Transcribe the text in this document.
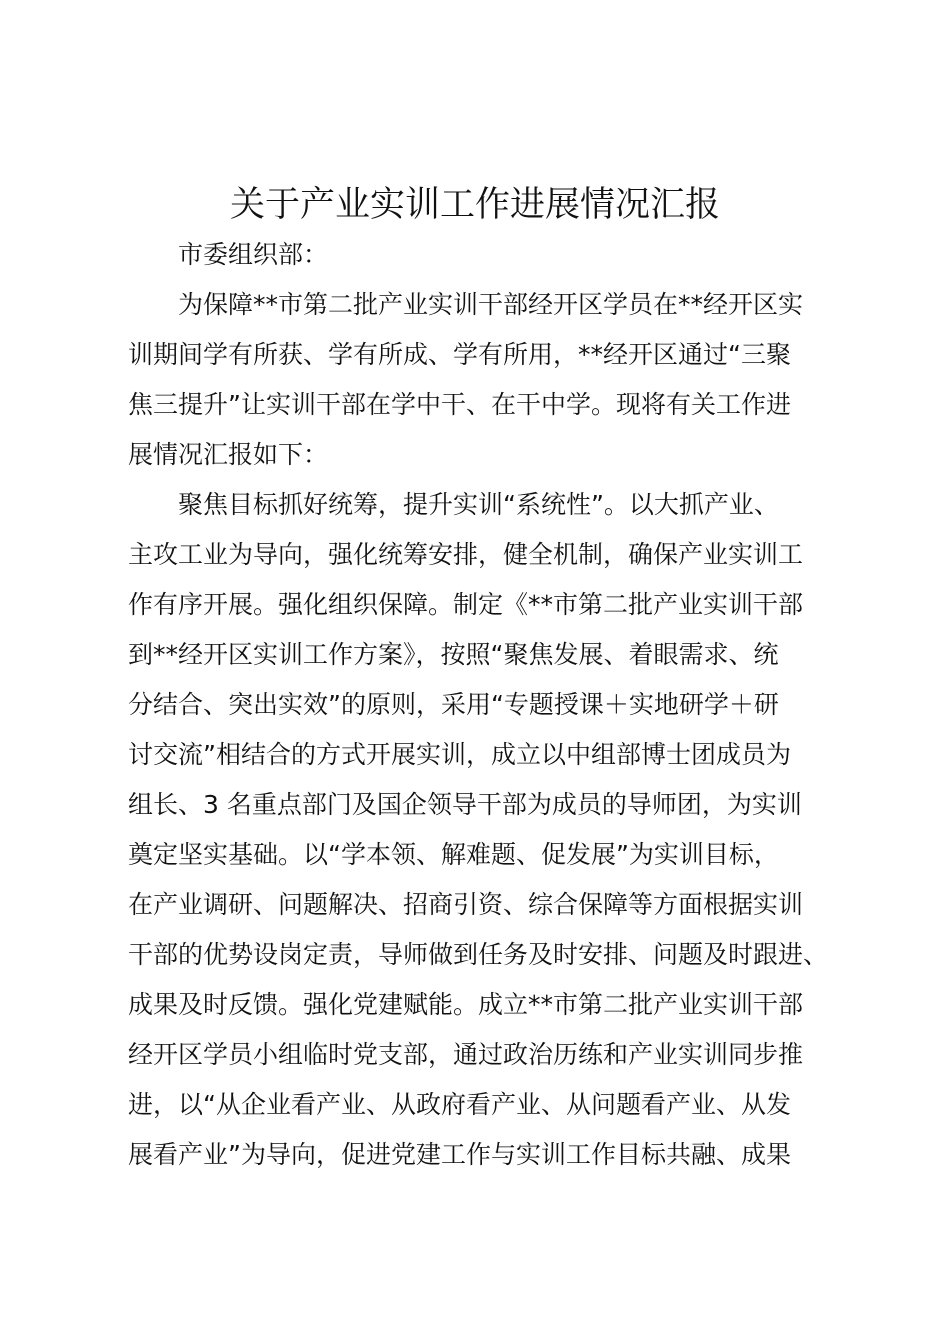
关于产业实训工作进展情况汇报
市委组织部：
为保障**市第二批产业实训干部经开区学员在**经开区实
训期间学有所获、学有所成、学有所用，**经开区通过“三聚
焦三提升”让实训干部在学中干、在干中学。现将有关工作进
展情况汇报如下：
聚焦目标抓好统筹，提升实训“系统性”。以大抓产业、
主攻工业为导向，强化统筹安排，健全机制，确保产业实训工
作有序开展。强化组织保障。制定《**市第二批产业实训干部
到**经开区实训工作方案》，按照“聚焦发展、着眼需求、统
分结合、突出实效”的原则，采用“专题授课＋实地研学＋研
讨交流”相结合的方式开展实训，成立以中组部博士团成员为
组长、3 名重点部门及国企领导干部为成员的导师团，为实训
奠定坚实基础。以“学本领、解难题、促发展”为实训目标，
在产业调研、问题解决、招商引资、综合保障等方面根据实训
干部的优势设岗定责，导师做到任务及时安排、问题及时跟进、
成果及时反馈。强化党建赋能。成立**市第二批产业实训干部
经开区学员小组临时党支部，通过政治历练和产业实训同步推
进，以“从企业看产业、从政府看产业、从问题看产业、从发
展看产业”为导向，促进党建工作与实训工作目标共融、成果
